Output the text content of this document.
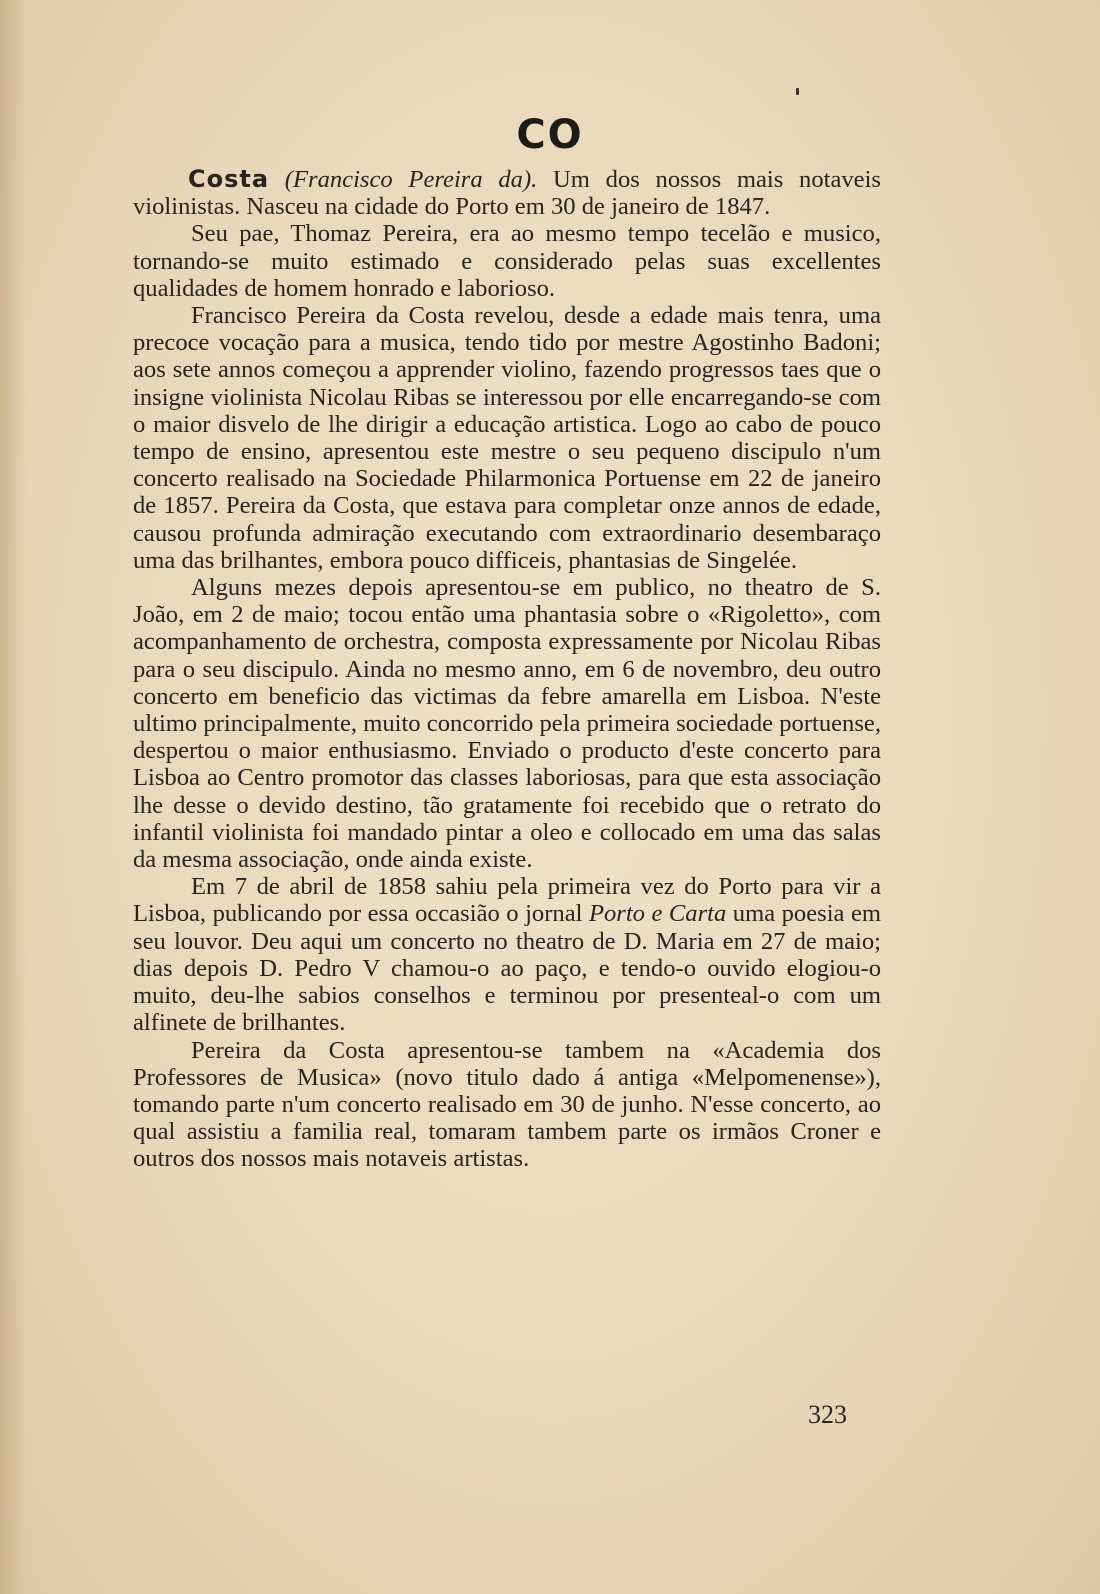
CO

Costa (Francisco Pereira da). Um dos nossos mais notaveis violinistas. Nasceu na cidade do Porto em 30 de janeiro de 1847.

Seu pae, Thomaz Pereira, era ao mesmo tempo tecelão e musico, tornando-se muito estimado e considerado pelas suas excellentes qualidades de homem honrado e laborioso.

Francisco Pereira da Costa revelou, desde a edade mais tenra, uma precoce vocação para a musica, tendo tido por mestre Agostinho Badoni; aos sete annos começou a apprender violino, fazendo progressos taes que o insigne violinista Nicolau Ribas se interessou por elle encarregando-se com o maior disvelo de lhe dirigir a educação artistica. Logo ao cabo de pouco tempo de ensino, apresentou este mestre o seu pequeno discipulo n'um concerto realisado na Sociedade Philarmonica Portuense em 22 de janeiro de 1857. Pereira da Costa, que estava para completar onze annos de edade, causou profunda admiração executando com extraordinario desembaraço uma das brilhantes, embora pouco difficeis, phantasias de Singelée.

Alguns mezes depois apresentou-se em publico, no theatro de S. João, em 2 de maio; tocou então uma phantasia sobre o «Rigoletto», com acompanhamento de orchestra, composta expressamente por Nicolau Ribas para o seu discipulo. Ainda no mesmo anno, em 6 de novembro, deu outro concerto em beneficio das victimas da febre amarella em Lisboa. N'este ultimo principalmente, muito concorrido pela primeira sociedade portuense, despertou o maior enthusiasmo. Enviado o producto d'este concerto para Lisboa ao Centro promotor das classes laboriosas, para que esta associação lhe desse o devido destino, tão gratamente foi recebido que o retrato do infantil violinista foi mandado pintar a oleo e collocado em uma das salas da mesma associação, onde ainda existe.

Em 7 de abril de 1858 sahiu pela primeira vez do Porto para vir a Lisboa, publicando por essa occasião o jornal Porto e Carta uma poesia em seu louvor. Deu aqui um concerto no theatro de D. Maria em 27 de maio; dias depois D. Pedro V chamou-o ao paço, e tendo-o ouvido elogiou-o muito, deu-lhe sabios conselhos e terminou por presenteal-o com um alfinete de brilhantes.

Pereira da Costa apresentou-se tambem na «Academia dos Professores de Musica» (novo titulo dado á antiga «Melpomenense»), tomando parte n'um concerto realisado em 30 de junho. N'esse concerto, ao qual assistiu a familia real, tomaram tambem parte os irmãos Croner e outros dos nossos mais notaveis artistas.

323
